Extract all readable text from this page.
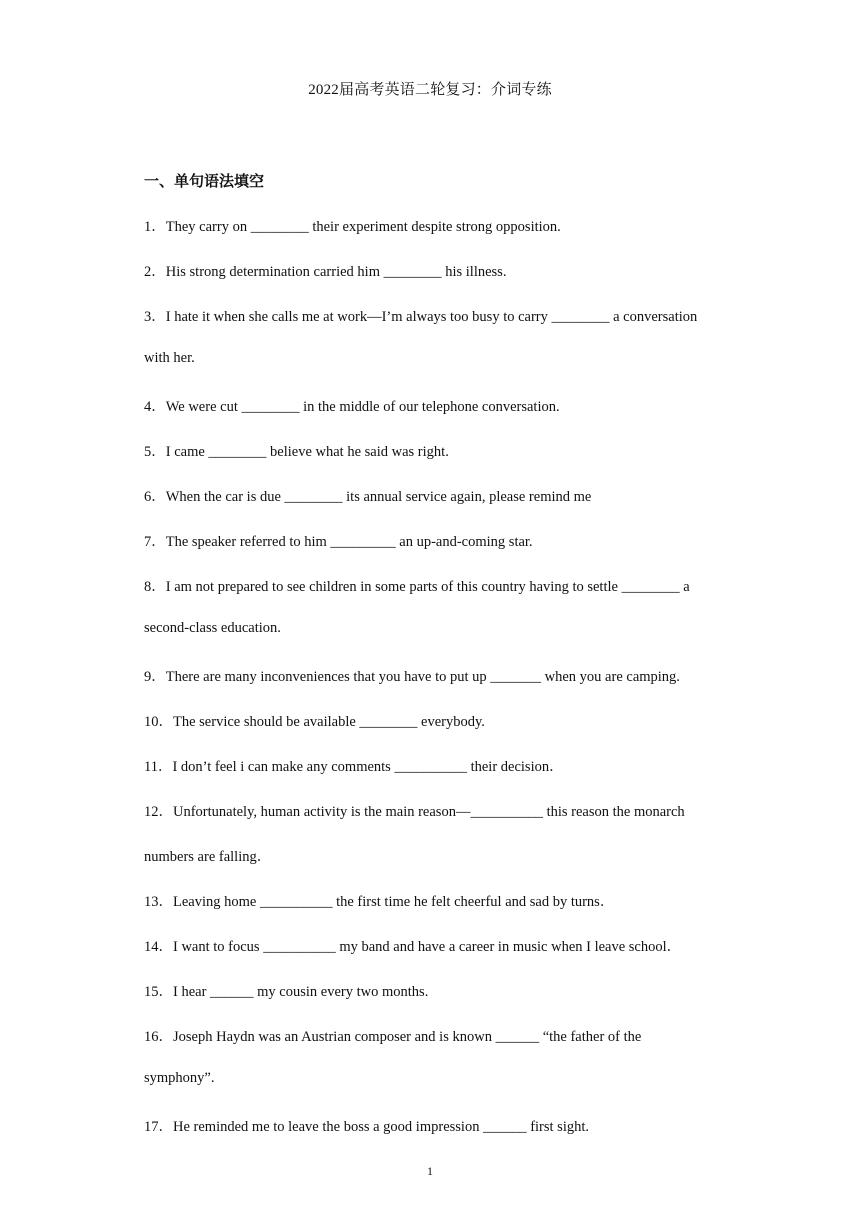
2022届高考英语二轮复习：介词专练
一、单句语法填空
1．They carry on ________ their experiment despite strong opposition.
2．His strong determination carried him ________ his illness.
3．I hate it when she calls me at work—I’m always too busy to carry ________ a conversation
with her.
4．We were cut ________ in the middle of our telephone conversation.
5．I came ________ believe what he said was right.
6．When the car is due ________ its annual service again, please remind me
7．The speaker referred to him _________ an up-and-coming star.
8．I am not prepared to see children in some parts of this country having to settle ________ a
second-class education.
9．There are many inconveniences that you have to put up _______ when you are camping.
10．The service should be available ________ everybody.
11．I don’t feel i can make any comments __________ their decision．
12．Unfortunately, human activity is the main reason—__________ this reason the monarch
numbers are falling．
13．Leaving home __________ the first time he felt cheerful and sad by turns．
14．I want to focus __________ my band and have a career in music when I leave school．
15．I hear ______ my cousin every two months.
16．Joseph Haydn was an Austrian composer and is known ______ “the father of the
symphony”.
17．He reminded me to leave the boss a good impression ______ first sight.
1
